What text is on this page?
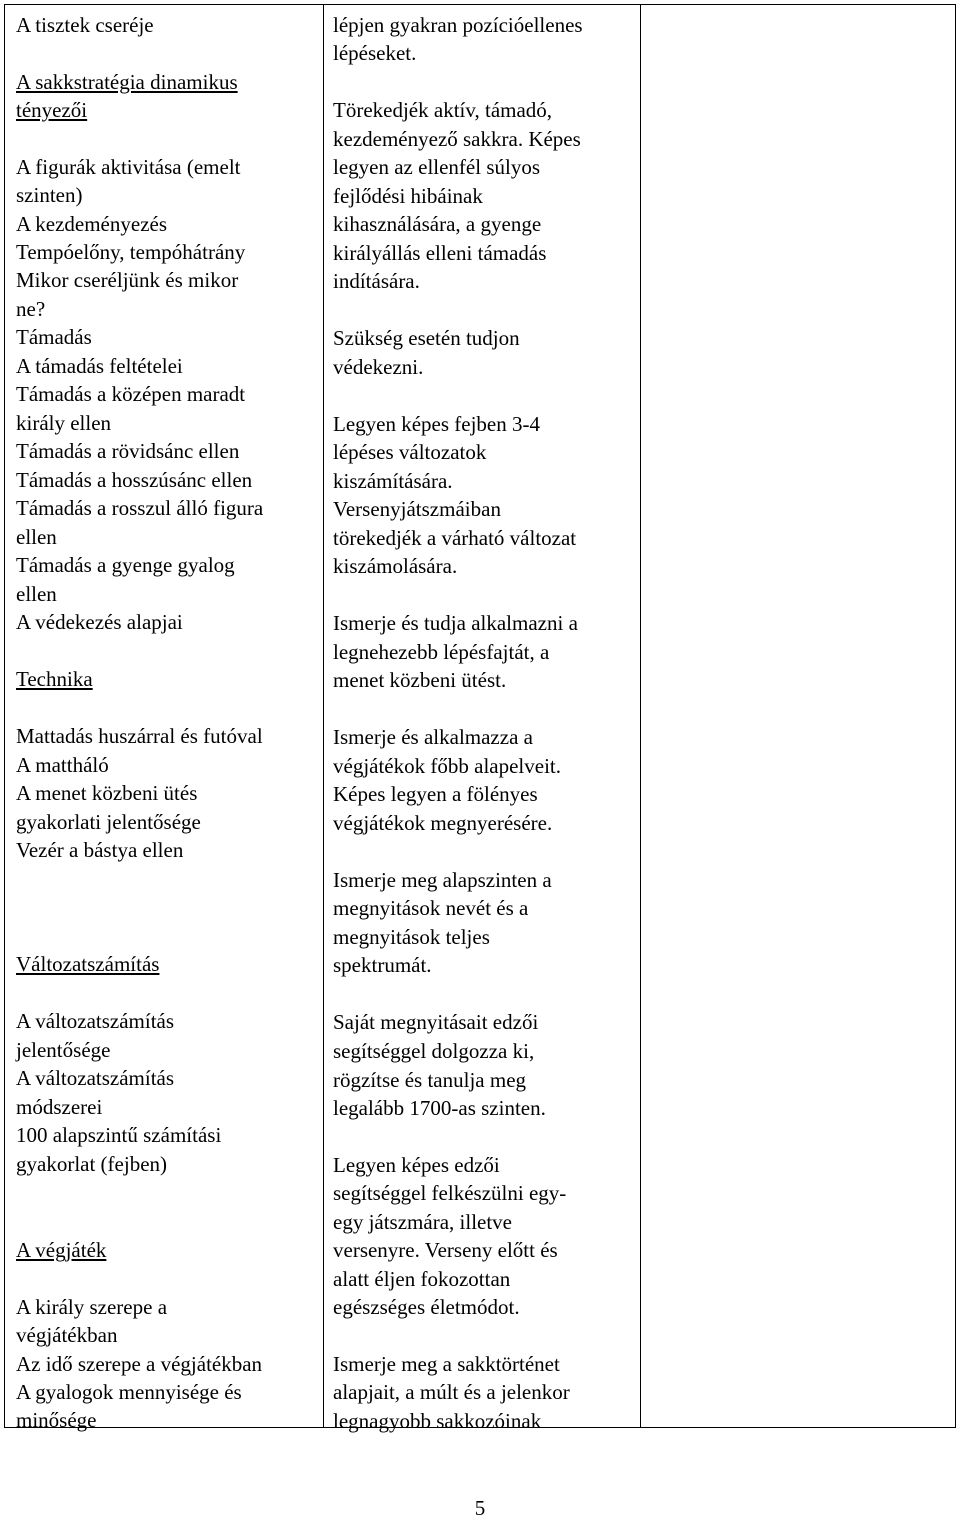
A tisztek cseréje
A sakkstratégia dinamikus
tényezői
A figurák aktivitása (emelt
szinten)
A kezdeményezés
Tempóelőny, tempóhátrány
Mikor cseréljünk és mikor
ne?
Támadás
A támadás feltételei
Támadás a középen maradt
király ellen
Támadás a rövidsánc ellen
Támadás a hosszúsánc ellen
Támadás a rosszul álló figura
ellen
Támadás a gyenge gyalog
ellen
A védekezés alapjai
Technika
Mattadás huszárral és futóval
A mattháló
A menet közbeni ütés
gyakorlati jelentősége
Vezér a bástya ellen
Változatszámítás
A változatszámítás
jelentősége
A változatszámítás
módszerei
100 alapszintű számítási
gyakorlat (fejben)
A végjáték
A király szerepe a
végjátékban
Az idő szerepe a végjátékban
A gyalogok mennyisége és
minősége
lépjen gyakran pozícióellenes
lépéseket.
Törekedjék aktív, támadó,
kezdeményező sakkra. Képes
legyen az ellenfél súlyos
fejlődési hibáinak
kihasználására, a gyenge
királyállás elleni támadás
indítására.
Szükség esetén tudjon
védekezni.
Legyen képes fejben 3-4
lépéses változatok
kiszámítására.
Versenyjátszmáiban
törekedjék a várható változat
kiszámolására.
Ismerje és tudja alkalmazni a
legnehezebb lépésfajtát, a
menet közbeni ütést.
Ismerje és alkalmazza a
végjátékok főbb alapelveit.
Képes legyen a fölényes
végjátékok megnyerésére.
Ismerje meg alapszinten a
megnyitások nevét és a
megnyitások teljes
spektrumát.
Saját megnyitásait edzői
segítséggel dolgozza ki,
rögzítse és tanulja meg
legalább 1700-as szinten.
Legyen képes edzői
segítséggel felkészülni egy-
egy játszmára, illetve
versenyre. Verseny előtt és
alatt éljen fokozottan
egészséges életmódot.
Ismerje meg a sakktörténet
alapjait, a múlt és a jelenkor
legnagyobb sakkozóinak
5
